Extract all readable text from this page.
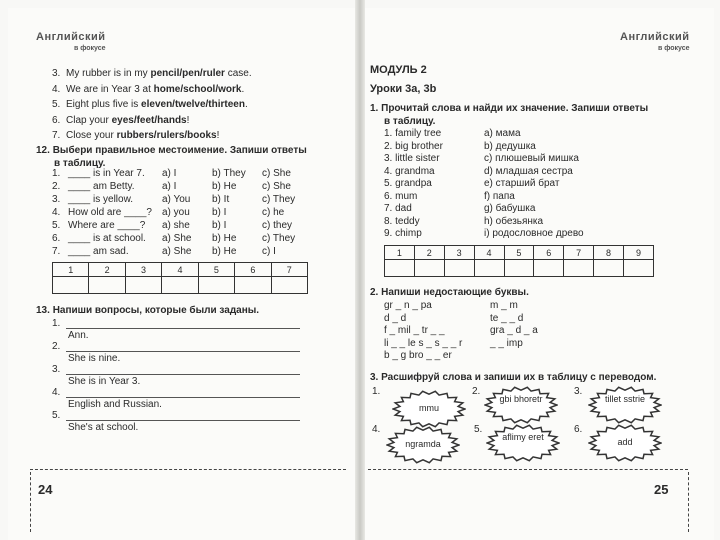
Английский
в фокусе
Английский
в фокусе
3. My rubber is in my pencil/pen/ruler case.
4. We are in Year 3 at home/school/work.
5. Eight plus five is eleven/twelve/thirteen.
6. Clap your eyes/feet/hands!
7. Close your rubbers/rulers/books!
12. Выбери правильное местоимение. Запиши ответы
в таблицу.
1. ____ is in Year 7. a) I	b) They c) She
2. ____ am Betty.	a) I	b) He	c) She
3. ____ is yellow.	a) You b) It	c) They
4. How old are ____? a) you b) I	c) he
5. Where are ____? a) she b) I	c) they
6. ____ is at school. a) She b) He	c) They
7. ____ am sad.	a) She b) He	c) I
1	2	3	4	5	6	7

13. Напиши вопросы, которые были заданы.
1.
Ann.
2.
She is nine.
3.
She is in Year 3.
4.
English and Russian.
5.
She's at school.
24
МОДУЛЬ 2
Уроки 3a, 3b
1. Прочитай слова и найди их значение. Запиши ответы
в таблицу.
1. family tree	a) мама
2. big brother	b) дедушка
3. little sister	c) плюшевый мишка
4. grandma	d) младшая сестра
5. grandpa	e) старший брат
6. mum	f) папа
7. dad	g) бабушка
8. teddy	h) обезьянка
9. chimp	i) родословное древо
1	2	3	4	5	6	7	8	9

2. Напиши недостающие буквы.
gr _ n _ pa
d _ d
f _ mil _ tr _ _
li _ _ le s _ s _ _ r
b _ g bro _ _ er
m _ m
te _ _ d
gra _ d _ a
_ _ imp
3. Расшифруй слова и запиши их в таблицу с переводом.
1.
mmu
2.
gbi bhoretr
3.
tillet sstrie
4.
ngramda
5.
aflimy eret
6.
add
25
